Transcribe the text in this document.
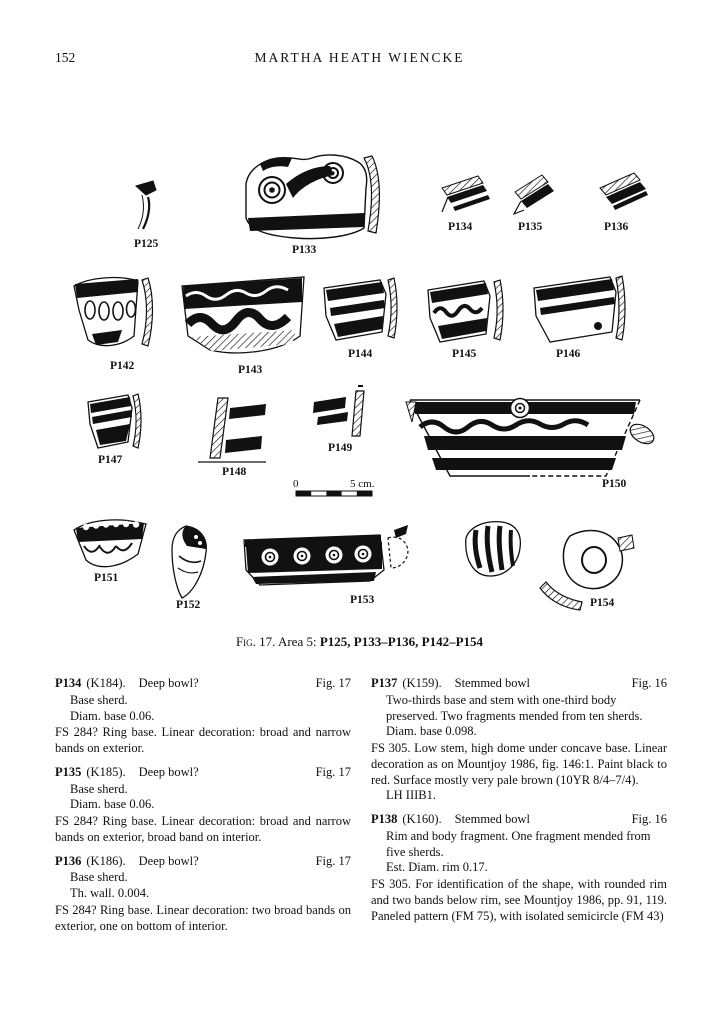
152	MARTHA HEATH WIENCKE
P125	P133
P134	P135	P136
P142	P143
P144	P145	P146
P147
P148
P149
0	5 cm.	P150
P151
P152	P153	P154
Fig. 17. Area 5: P125, P133–P136, P142–P154
P134 (K184). Deep bowl?	Fig. 17
Base sherd.
Diam. base 0.06.

FS 284? Ring base. Linear decoration: broad and narrow bands on exterior.

P135 (K185). Deep bowl?	Fig. 17
Base sherd.
Diam. base 0.06.

FS 284? Ring base. Linear decoration: broad and narrow bands on exterior, broad band on interior.

P136 (K186). Deep bowl?	Fig. 17
Base sherd.
Th. wall. 0.004.

FS 284? Ring base. Linear decoration: two broad bands on exterior, one on bottom of interior.

P137 (K159). Stemmed bowl	Fig. 16
Two-thirds base and stem with one-third body preserved. Two fragments mended from ten sherds.
Diam. base 0.098.

FS 305. Low stem, high dome under concave base. Linear decoration as on Mountjoy 1986, fig. 146:1. Paint black to red. Surface mostly very pale brown (10YR 8/4–7/4).

LH IIIB1.
P138 (K160). Stemmed bowl	Fig. 16
Rim and body fragment. One fragment mended from five sherds.
Est. Diam. rim 0.17.

FS 305. For identification of the shape, with rounded rim and two bands below rim, see Mountjoy 1986, pp. 91, 119. Paneled pattern (FM 75), with isolated semicircle (FM 43)
